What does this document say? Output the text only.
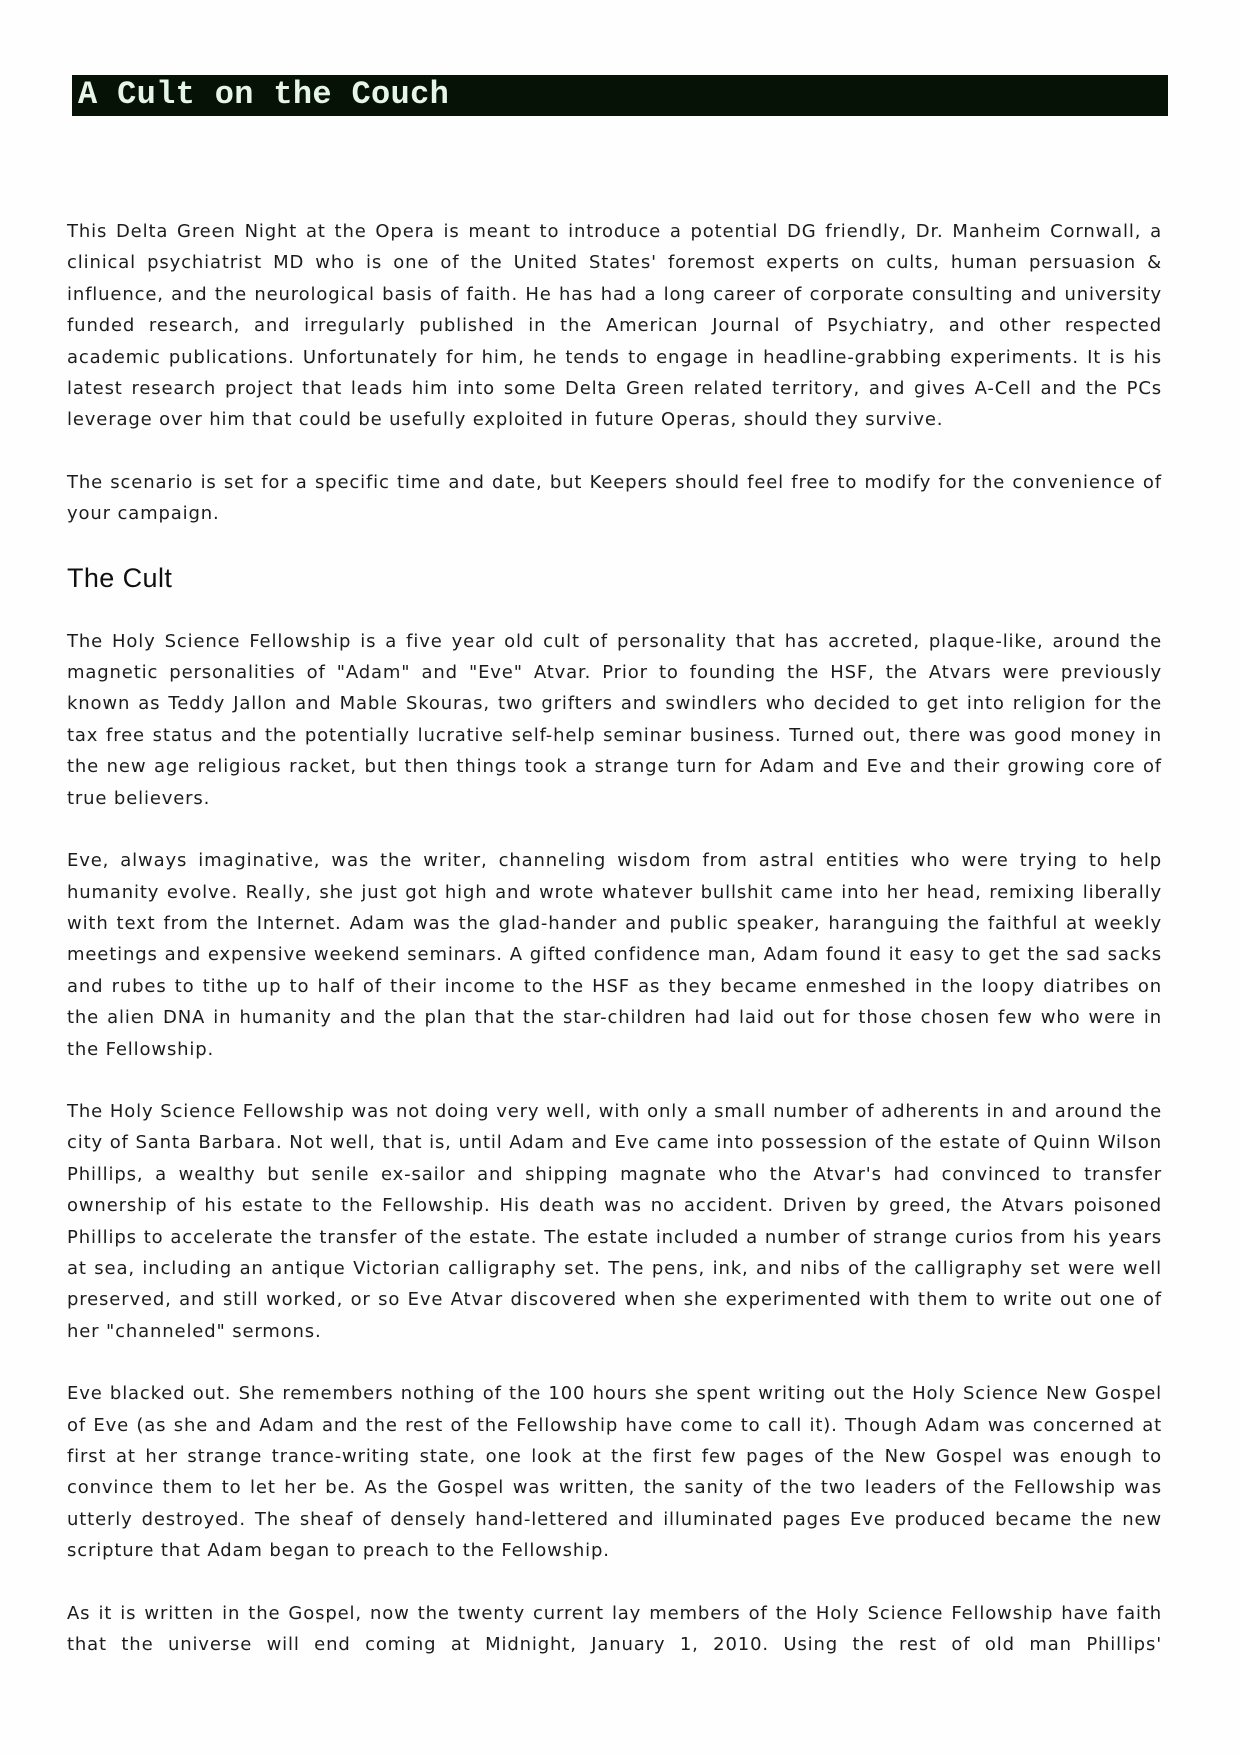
A Cult on the Couch

This Delta Green Night at the Opera is meant to introduce a potential DG friendly, Dr. Manheim Cornwall, a clinical psychiatrist MD who is one of the United States' foremost experts on cults, human persuasion & influence, and the neurological basis of faith. He has had a long career of corporate consulting and university funded research, and irregularly published in the American Journal of Psychiatry, and other respected academic publications. Unfortunately for him, he tends to engage in headline-grabbing experiments. It is his latest research project that leads him into some Delta Green related territory, and gives A-Cell and the PCs leverage over him that could be usefully exploited in future Operas, should they survive.

The scenario is set for a specific time and date, but Keepers should feel free to modify for the convenience of your campaign.

The Cult

The Holy Science Fellowship is a five year old cult of personality that has accreted, plaque-like, around the magnetic personalities of "Adam" and "Eve" Atvar. Prior to founding the HSF, the Atvars were previously known as Teddy Jallon and Mable Skouras, two grifters and swindlers who decided to get into religion for the tax free status and the potentially lucrative self-help seminar business. Turned out, there was good money in the new age religious racket, but then things took a strange turn for Adam and Eve and their growing core of true believers.

Eve, always imaginative, was the writer, channeling wisdom from astral entities who were trying to help humanity evolve. Really, she just got high and wrote whatever bullshit came into her head, remixing liberally with text from the Internet. Adam was the glad-hander and public speaker, haranguing the faithful at weekly meetings and expensive weekend seminars. A gifted confidence man, Adam found it easy to get the sad sacks and rubes to tithe up to half of their income to the HSF as they became enmeshed in the loopy diatribes on the alien DNA in humanity and the plan that the star-children had laid out for those chosen few who were in the Fellowship.

The Holy Science Fellowship was not doing very well, with only a small number of adherents in and around the city of Santa Barbara. Not well, that is, until Adam and Eve came into possession of the estate of Quinn Wilson Phillips, a wealthy but senile ex-sailor and shipping magnate who the Atvar's had convinced to transfer ownership of his estate to the Fellowship. His death was no accident. Driven by greed, the Atvars poisoned Phillips to accelerate the transfer of the estate. The estate included a number of strange curios from his years at sea, including an antique Victorian calligraphy set. The pens, ink, and nibs of the calligraphy set were well preserved, and still worked, or so Eve Atvar discovered when she experimented with them to write out one of her "channeled" sermons.

Eve blacked out. She remembers nothing of the 100 hours she spent writing out the Holy Science New Gospel of Eve (as she and Adam and the rest of the Fellowship have come to call it). Though Adam was concerned at first at her strange trance-writing state, one look at the first few pages of the New Gospel was enough to convince them to let her be. As the Gospel was written, the sanity of the two leaders of the Fellowship was utterly destroyed. The sheaf of densely hand-lettered and illuminated pages Eve produced became the new scripture that Adam began to preach to the Fellowship.

As it is written in the Gospel, now the twenty current lay members of the Holy Science Fellowship have faith that the universe will end coming at Midnight, January 1, 2010. Using the rest of old man Phillips'
